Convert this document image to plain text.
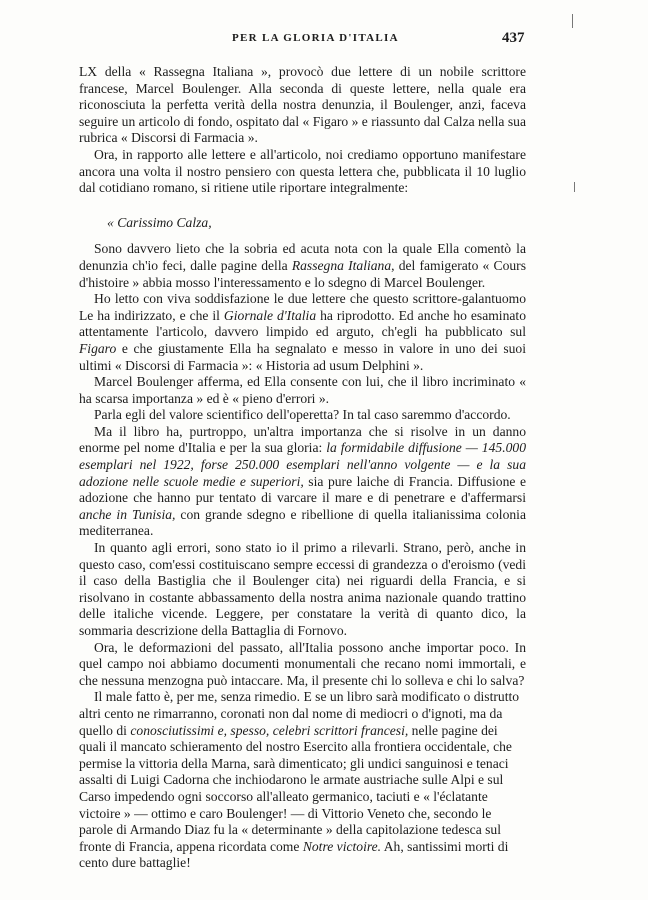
PER LA GLORIA D'ITALIA	437

LX della « Rassegna Italiana », provocò due lettere di un nobile scrittore francese, Marcel Boulenger. Alla seconda di queste lettere, nella quale era riconosciuta la perfetta verità della nostra denunzia, il Boulenger, anzi, faceva seguire un articolo di fondo, ospitato dal « Figaro » e riassunto dal Calza nella sua rubrica « Discorsi di Farmacia ».

Ora, in rapporto alle lettere e all'articolo, noi crediamo opportuno manifestare ancora una volta il nostro pensiero con questa lettera che, pubblicata il 10 luglio dal cotidiano romano, si ritiene utile riportare integralmente:

« Carissimo Calza,

Sono davvero lieto che la sobria ed acuta nota con la quale Ella comentò la denunzia ch'io feci, dalle pagine della Rassegna Italiana, del famigerato « Cours d'histoire » abbia mosso l'interessamento e lo sdegno di Marcel Boulenger.

Ho letto con viva soddisfazione le due lettere che questo scrittore-galantuomo Le ha indirizzato, e che il Giornale d'Italia ha riprodotto. Ed anche ho esaminato attentamente l'articolo, davvero limpido ed arguto, ch'egli ha pubblicato sul Figaro e che giustamente Ella ha segnalato e messo in valore in uno dei suoi ultimi « Discorsi di Farmacia »: « Historia ad usum Delphini ».

Marcel Boulenger afferma, ed Ella consente con lui, che il libro incriminato « ha scarsa importanza » ed è « pieno d'errori ».

Parla egli del valore scientifico dell'operetta? In tal caso saremmo d'accordo.

Ma il libro ha, purtroppo, un'altra importanza che si risolve in un danno enorme pel nome d'Italia e per la sua gloria: la formidabile diffusione — 145.000 esemplari nel 1922, forse 250.000 esemplari nell'anno volgente — e la sua adozione nelle scuole medie e superiori, sia pure laiche di Francia. Diffusione e adozione che hanno pur tentato di varcare il mare e di penetrare e d'affermarsi anche in Tunisia, con grande sdegno e ribellione di quella italianissima colonia mediterranea.

In quanto agli errori, sono stato io il primo a rilevarli. Strano, però, anche in questo caso, com'essi costituiscano sempre eccessi di grandezza o d'eroismo (vedi il caso della Bastiglia che il Boulenger cita) nei riguardi della Francia, e si risolvano in costante abbassamento della nostra anima nazionale quando trattino delle italiche vicende. Leggere, per constatare la verità di quanto dico, la sommaria descrizione della Battaglia di Fornovo.

Ora, le deformazioni del passato, all'Italia possono anche importar poco. In quel campo noi abbiamo documenti monumentali che recano nomi immortali, e che nessuna menzogna può intaccare. Ma, il presente chi lo solleva e chi lo salva?

Il male fatto è, per me, senza rimedio. E se un libro sarà modificato o distrutto altri cento ne rimarranno, coronati non dal nome di mediocri o d'ignoti, ma da quello di conosciutissimi e, spesso, celebri scrittori francesi, nelle pagine dei quali il mancato schieramento del nostro Esercito alla frontiera occidentale, che permise la vittoria della Marna, sarà dimenticato; gli undici sanguinosi e tenaci assalti di Luigi Cadorna che inchiodarono le armate austriache sulle Alpi e sul Carso impedendo ogni soccorso all'alleato germanico, taciuti e « l'éclatante victoire » — ottimo e caro Boulenger! — di Vittorio Veneto che, secondo le parole di Armando Diaz fu la « determinante » della capitolazione tedesca sul fronte di Francia, appena ricordata come Notre victoire. Ah, santissimi morti di cento dure battaglie!
